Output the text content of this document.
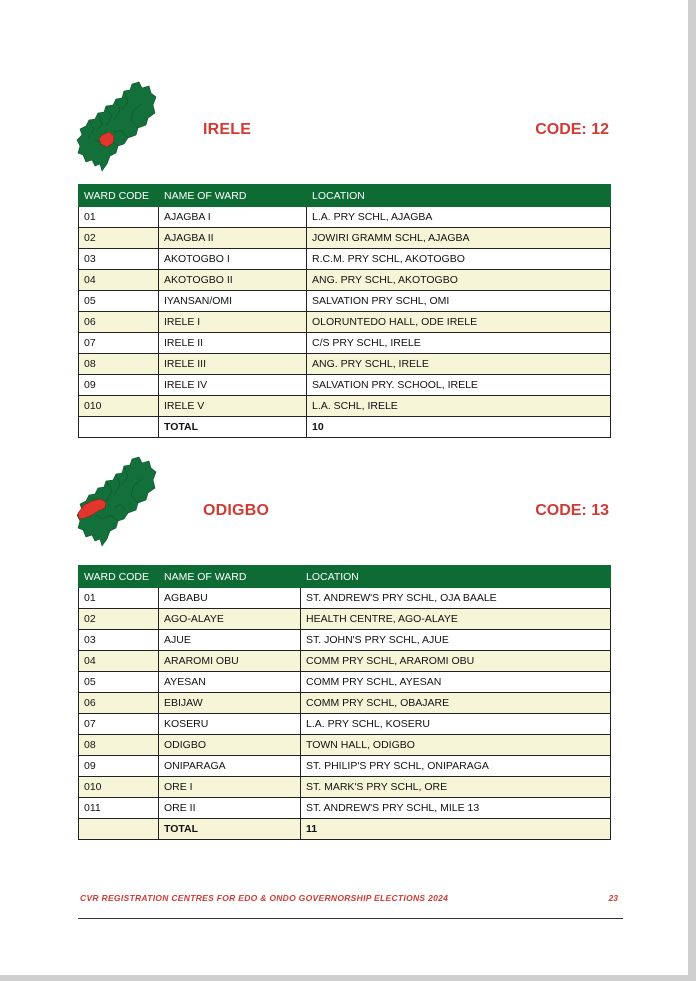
IRELE	CODE: 12
WARD CODE	NAME OF WARD	LOCATION
01	AJAGBA I	L.A. PRY SCHL, AJAGBA
02	AJAGBA II	JOWIRI GRAMM SCHL, AJAGBA
03	AKOTOGBO I	R.C.M. PRY SCHL, AKOTOGBO
04	AKOTOGBO II	ANG. PRY SCHL, AKOTOGBO
05	IYANSAN/OMI	SALVATION PRY SCHL, OMI
06	IRELE I	OLORUNTEDO HALL, ODE IRELE
07	IRELE II	C/S PRY SCHL, IRELE
08	IRELE III	ANG. PRY SCHL, IRELE
09	IRELE IV	SALVATION PRY. SCHOOL, IRELE
010	IRELE V	L.A. SCHL, IRELE
	TOTAL	10
ODIGBO	CODE: 13
WARD CODE	NAME OF WARD	LOCATION
01	AGBABU	ST. ANDREW'S PRY SCHL, OJA BAALE
02	AGO-ALAYE	HEALTH CENTRE, AGO-ALAYE
03	AJUE	ST. JOHN'S PRY SCHL, AJUE
04	ARAROMI OBU	COMM PRY SCHL, ARAROMI OBU
05	AYESAN	COMM PRY SCHL, AYESAN
06	EBIJAW	COMM PRY SCHL, OBAJARE
07	KOSERU	L.A. PRY SCHL, KOSERU
08	ODIGBO	TOWN HALL, ODIGBO
09	ONIPARAGA	ST. PHILIP'S PRY SCHL, ONIPARAGA
010	ORE I	ST. MARK'S PRY SCHL, ORE
011	ORE II	ST. ANDREW'S PRY SCHL, MILE 13
	TOTAL	11
CVR REGISTRATION CENTRES FOR EDO & ONDO GOVERNORSHIP ELECTIONS 2024	23
